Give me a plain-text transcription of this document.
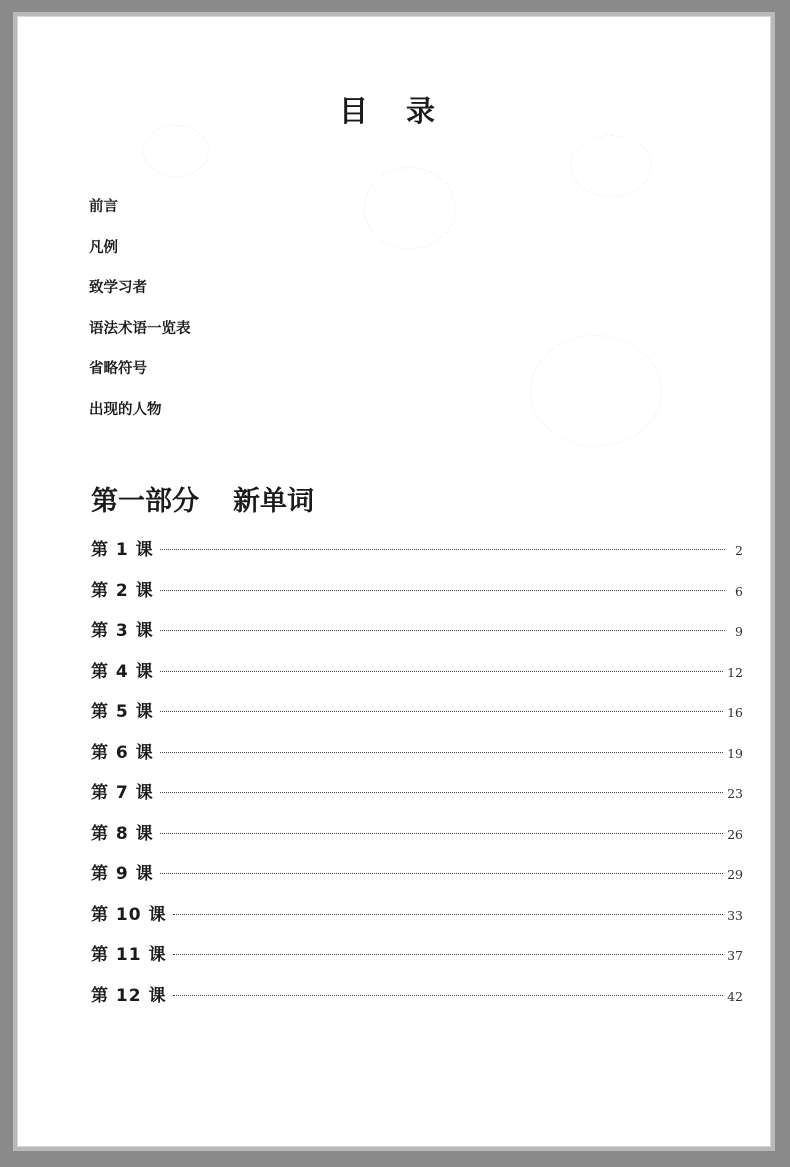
目 录
前言
凡例
致学习者
语法术语一览表
省略符号
出现的人物
第一部分 新单词
第 1 课	2
第 2 课	6
第 3 课	9
第 4 课	12
第 5 课	16
第 6 课	19
第 7 课	23
第 8 课	26
第 9 课	29
第 10 课	33
第 11 课	37
第 12 课	42
